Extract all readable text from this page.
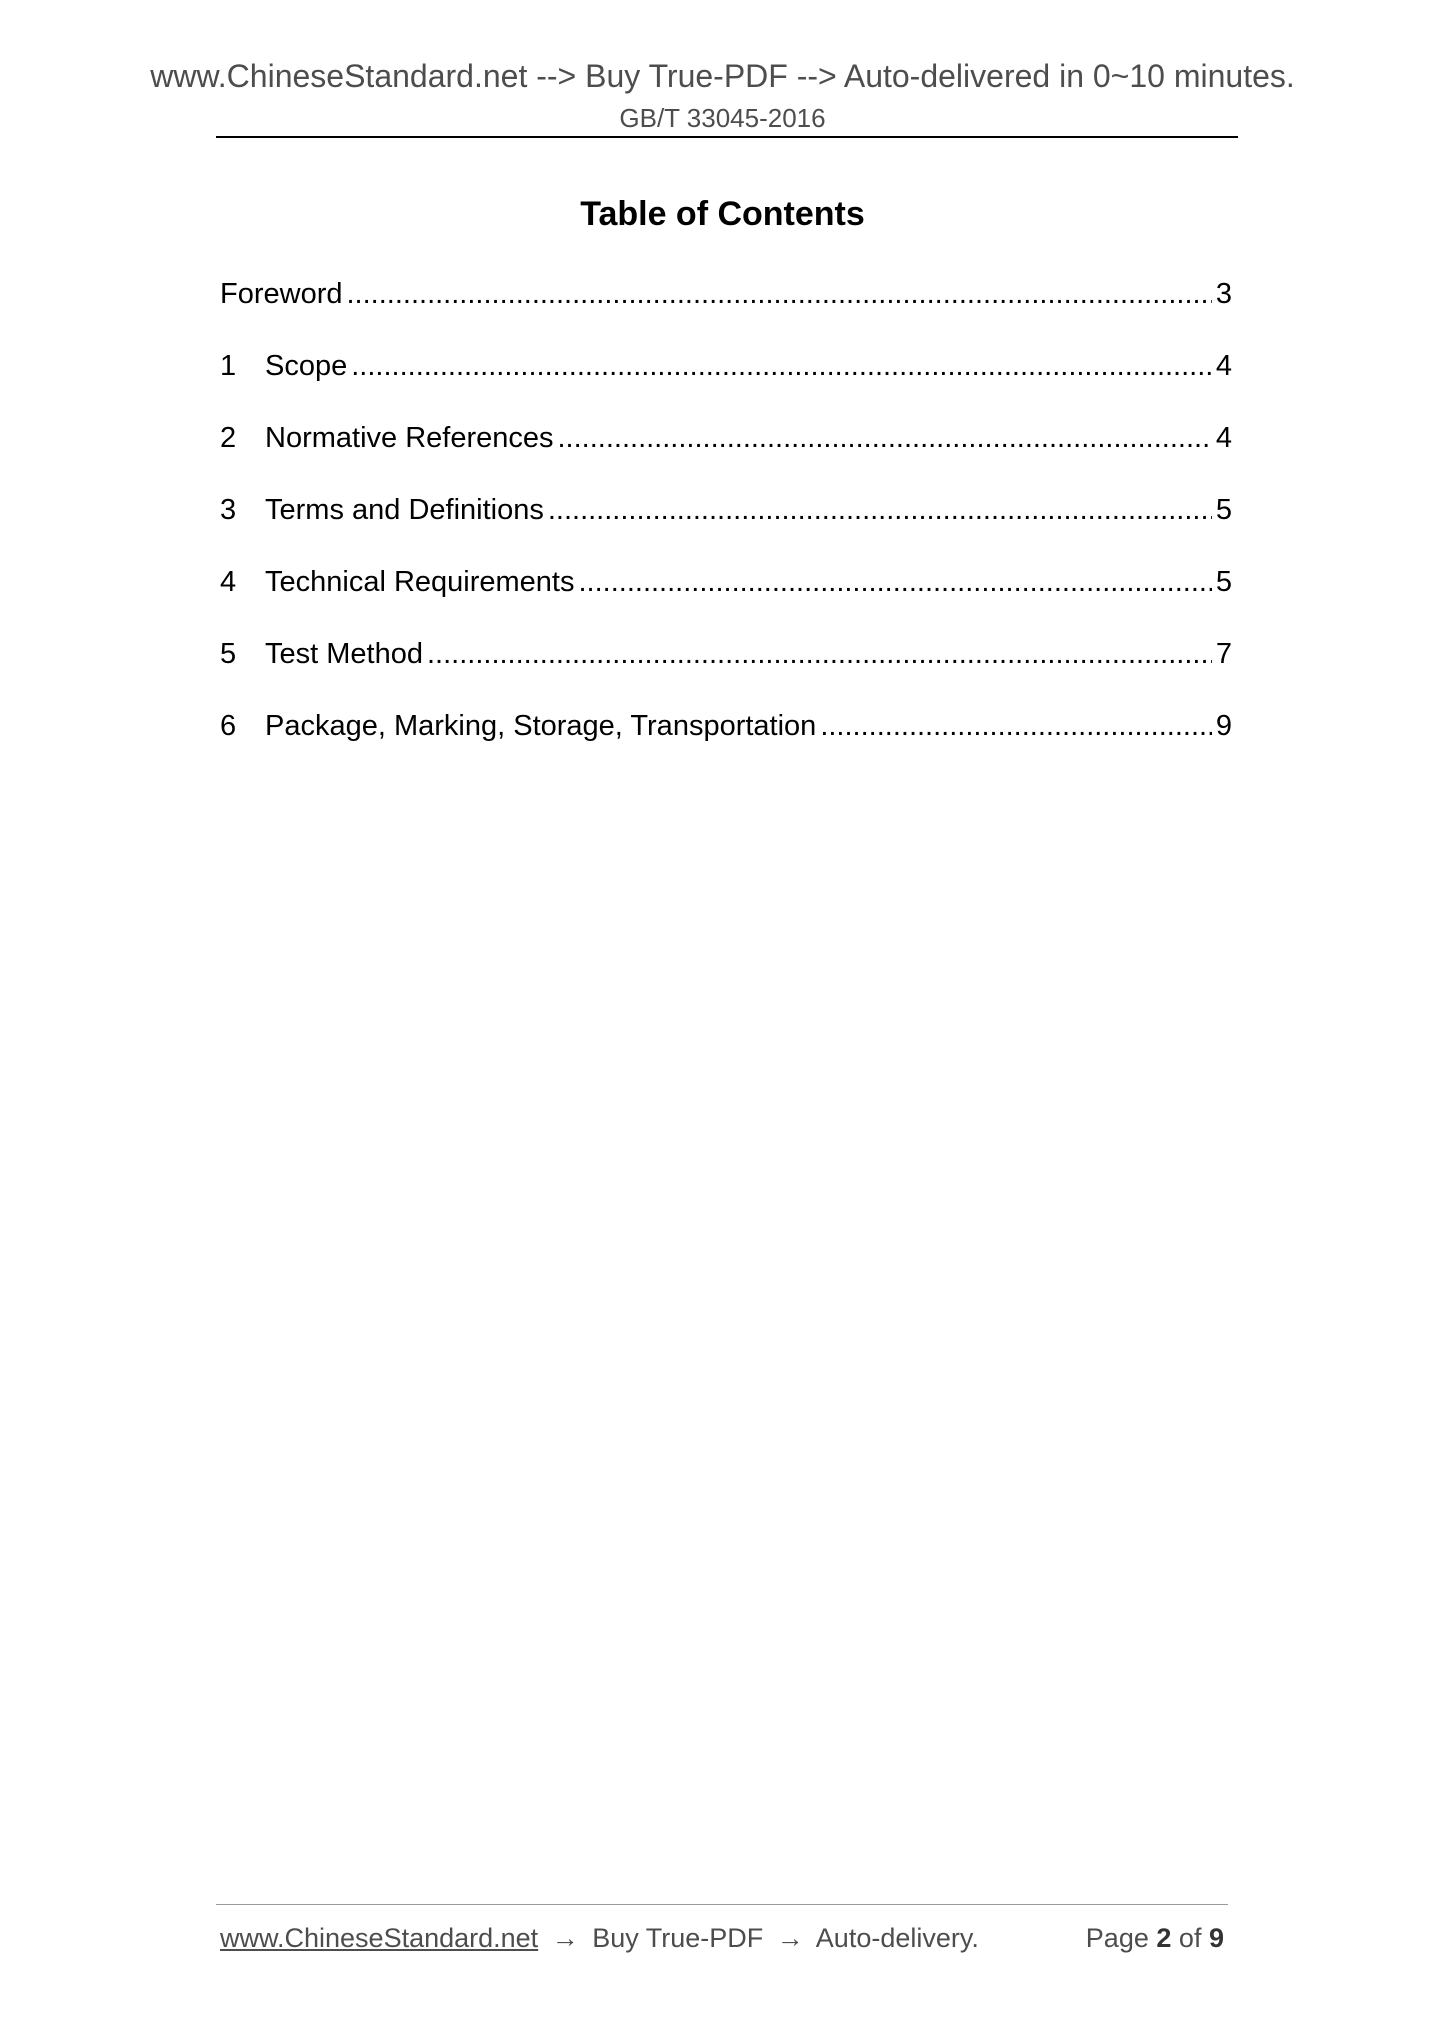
www.ChineseStandard.net --> Buy True-PDF --> Auto-delivered in 0~10 minutes.
GB/T 33045-2016
Table of Contents
Foreword .....	3
1 Scope .....	4
2 Normative References .....	4
3 Terms and Definitions .....	5
4 Technical Requirements .....	5
5 Test Method .....	7
6 Package, Marking, Storage, Transportation .....	9
www.ChineseStandard.net → Buy True-PDF → Auto-delivery.	Page 2 of 9
